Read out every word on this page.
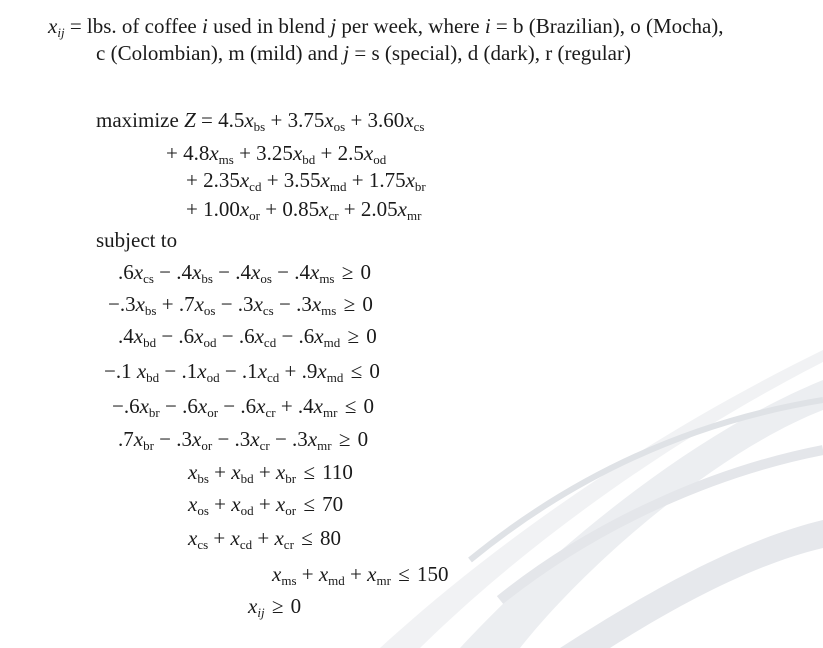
$x_{ij}$ = lbs. of coffee i used in blend j per week, where i = b (Brazilian), o (Mocha),
c (Colombian), m (mild) and j = s (special), d (dark), r (regular)
maximize $Z = 4.5x_{bs} + 3.75x_{os} + 3.60x_{cs}$
+ $4.8x_{ms} + 3.25x_{bd} + 2.5x_{od}$
+ $2.35x_{cd} + 3.55x_{md} + 1.75x_{br}$
+ $1.00x_{or} + 0.85x_{cr} + 2.05x_{mr}$
subject to
$.6x_{cs} - .4x_{bs} - .4x_{os} - .4x_{ms} \ge 0$
$-.3x_{bs} + .7x_{os} - .3x_{cs} - .3x_{ms} \ge 0$
$.4x_{bd} - .6x_{od} - .6x_{cd} - .6x_{md} \ge 0$
−.1 $x_{bd} - .1x_{od} - .1x_{cd} + .9x_{md} \le 0$
$-.6x_{br} - .6x_{or} - .6x_{cr} + .4x_{mr} \le 0$
$.7x_{br} - .3x_{or} - .3x_{cr} - .3x_{mr} \ge 0$
$x_{bs} + x_{bd} + x_{br} \le 110$
$x_{os} + x_{od} + x_{or} \le 70$
$x_{cs} + x_{cd} + x_{cr} \le 80$
$x_{ms} + x_{md} + x_{mr} \le 150$
$x_{ij} \ge 0$
